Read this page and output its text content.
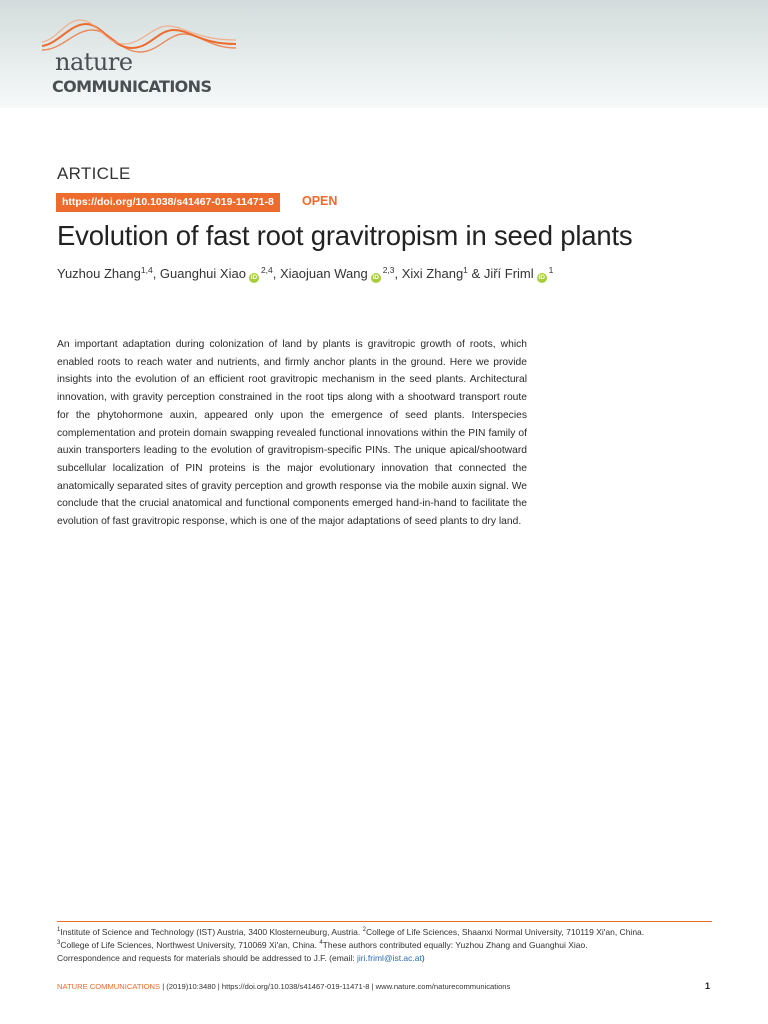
nature
COMMUNICATIONS
ARTICLE
https://doi.org/10.1038/s41467-019-11471-8	OPEN
Evolution of fast root gravitropism in seed plants
Yuzhou Zhang$^{1,4}$, Guanghui Xiao iD$^{2,4}$, Xiaojuan Wang iD$^{2,3}$, Xixi Zhang$^1$ & Jiří Friml $iD^1$

An important adaptation during colonization of land by plants is gravitropic growth of roots, which enabled roots to reach water and nutrients, and firmly anchor plants in the ground. Here we provide insights into the evolution of an efficient root gravitropic mechanism in the seed plants. Architectural innovation, with gravity perception constrained in the root tips along with a shootward transport route for the phytohormone auxin, appeared only upon the emergence of seed plants. Interspecies complementation and protein domain swapping revealed functional innovations within the PIN family of auxin transporters leading to the evolution of gravitropism-specific PINs. The unique apical/shootward subcellular localization of PIN proteins is the major evolutionary innovation that connected the anatomically separated sites of gravity perception and growth response via the mobile auxin signal. We conclude that the crucial anatomical and functional components emerged hand-in-hand to facilitate the evolution of fast gravitropic response, which is one of the major adaptations of seed plants to dry land.

$^1$Institute of Science and Technology (IST) Austria, 3400 Klosterneuburg, Austria. $^2$College of Life Sciences, Shaanxi Normal University, 710119 Xi'an, China.
$^3$College of Life Sciences, Northwest University, 710069 Xi'an, China. $^4$These authors contributed equally: Yuzhou Zhang and Guanghui Xiao.
Correspondence and requests for materials should be addressed to J.F. (email: jiri.friml@ist.ac.at)
NATURE COMMUNICATIONS | (2019)10:3480 | https://doi.org/10.1038/s41467-019-11471-8 | www.nature.com/naturecommunications	1
